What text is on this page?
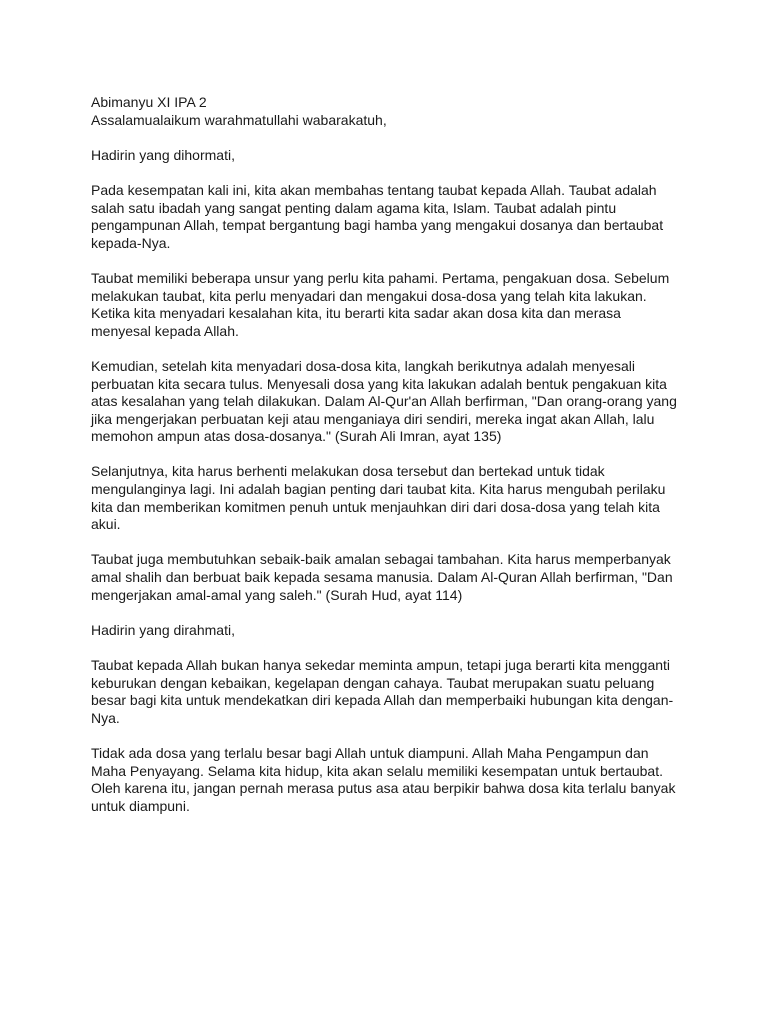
Abimanyu XI IPA 2

Assalamualaikum warahmatullahi wabarakatuh,

Hadirin yang dihormati,

Pada kesempatan kali ini, kita akan membahas tentang taubat kepada Allah. Taubat adalah salah satu ibadah yang sangat penting dalam agama kita, Islam. Taubat adalah pintu pengampunan Allah, tempat bergantung bagi hamba yang mengakui dosanya dan bertaubat kepada-Nya.

Taubat memiliki beberapa unsur yang perlu kita pahami. Pertama, pengakuan dosa. Sebelum melakukan taubat, kita perlu menyadari dan mengakui dosa-dosa yang telah kita lakukan. Ketika kita menyadari kesalahan kita, itu berarti kita sadar akan dosa kita dan merasa menyesal kepada Allah.

Kemudian, setelah kita menyadari dosa-dosa kita, langkah berikutnya adalah menyesali perbuatan kita secara tulus. Menyesali dosa yang kita lakukan adalah bentuk pengakuan kita atas kesalahan yang telah dilakukan. Dalam Al-Qur'an Allah berfirman, "Dan orang-orang yang jika mengerjakan perbuatan keji atau menganiaya diri sendiri, mereka ingat akan Allah, lalu memohon ampun atas dosa-dosanya." (Surah Ali Imran, ayat 135)

Selanjutnya, kita harus berhenti melakukan dosa tersebut dan bertekad untuk tidak mengulanginya lagi. Ini adalah bagian penting dari taubat kita. Kita harus mengubah perilaku kita dan memberikan komitmen penuh untuk menjauhkan diri dari dosa-dosa yang telah kita akui.

Taubat juga membutuhkan sebaik-baik amalan sebagai tambahan. Kita harus memperbanyak amal shalih dan berbuat baik kepada sesama manusia. Dalam Al-Quran Allah berfirman, "Dan mengerjakan amal-amal yang saleh." (Surah Hud, ayat 114)

Hadirin yang dirahmati,

Taubat kepada Allah bukan hanya sekedar meminta ampun, tetapi juga berarti kita mengganti keburukan dengan kebaikan, kegelapan dengan cahaya. Taubat merupakan suatu peluang besar bagi kita untuk mendekatkan diri kepada Allah dan memperbaiki hubungan kita dengan-Nya.

Tidak ada dosa yang terlalu besar bagi Allah untuk diampuni. Allah Maha Pengampun dan Maha Penyayang. Selama kita hidup, kita akan selalu memiliki kesempatan untuk bertaubat. Oleh karena itu, jangan pernah merasa putus asa atau berpikir bahwa dosa kita terlalu banyak untuk diampuni.
